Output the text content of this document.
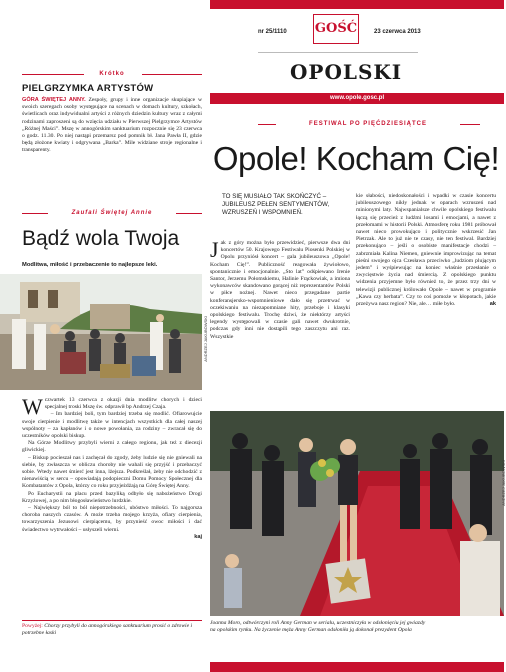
nr 25/1110 GOŚĆ	23 czerwca 2013
OPOLSKI
www.opole.gosc.pl
Krótko
PIELGRZYMKA ARTYSTÓW
GÓRA ŚWIĘTEJ ANNY. Zespoły, grupy i inne organizacje skupiające w swoich szeregach osoby występujące na scenach w domach kultury, szkołach, świetlicach oraz indywidualni artyści z różnych dziedzin kultury wraz z całymi rodzinami zaproszeni są do wzięcia udziału w Pierwszej Pielgrzymce Artystów „Różnej Maści”. Mszę w annogórskim sanktuarium rozpocznie się 23 czerwca o godz. 11.30. Po niej nastąpi przemarsz pod pomnik bł. Jana Pawła II, gdzie będą złożone kwiaty i odgrywana „Barka”. Mile widziane stroje regionalne i transparenty.
Zaufali Świętej Annie
Bądź wola Twoja
Modlitwa, miłość i przebaczenie to najlepsze leki.
ANDRZEJ JAKUBOWSKI

W czwartek 13 czerwca z okazji dnia modlitw chorych i dzieci specjalnej troski Mszę św. odprawił bp Andrzej Czaja.

– Im bardziej boli, tym bardziej trzeba się modlić. Ofiarowujcie swoje cierpienie i modlitwę także w intencjach wszystkich dla całej naszej wspólnoty – za kapłanów i o nowe powołania, za rodziny – zwracał się do uczestników opolski biskup.

Na Górze Modlitwy przybyli wierni z całego regionu, jak też z diecezji gliwickiej.

– Biskup pocieszał nas i zachęcał do zgody, żeby ludzie się nie gniewali na siebie, by zwłaszcza w obliczu choroby nie wahali się przyjść i przebaczyć sobie. Wtedy nawet śmierć jest inna, lżejsza. Podkreślał, żeby nie odchodzić z nienawiścią w sercu – opowiadają podopieczni Domu Pomocy Społecznej dla Kombatantów z Opola, którzy co roku przyjeżdżają na Górę Świętej Anny.

Po Eucharystii na placu przed bazyliką odbyło się nabożeństwo Drogi Krzyżowej, a po nim błogosławieństwo lurdzkie.

– Największy ból to ból niepotrzebności, ubóstwo miłości. To najgorsza choroba naszych czasów. A może trzeba mojego krzyża, ofiary cierpienia, towarzyszenia Jezusowi cierpiącemu, by przynieść owoc miłości i dać świadectwo wytrwałości – usłyszeli wierni.

kaj

Powyżej: Chorzy przybyli do annogórskiego sanktuarium prosić o zdrowie i potrzebne łaski
FESTIWAL PO PIĘĆDZIESIĄTCE
Opole! Kocham Cię!
TO SIĘ MUSIAŁO TAK SKOŃCZYĆ – JUBILEUSZ PEŁEN SENTYMENTÓW, WZRUSZEŃ I WSPOMNIEŃ.
Jak z góry można było przewidzieć, pierwsze dwa dni koncertów 50. Krajowego Festiwalu Piosenki Polskiej w Opolu przyniósł koncert – gala jubileuszowa „Opole! Kocham Cię!”. Publiczność reagowała żywiołowo, spontanicznie i emocjonalnie. „Sto lat” odśpiewano Irenie Santor, Jerzemu Połomskiemu, Halinie Frąckowiak, a imiona wykonawców skandowano gorącej niż reprezentantów Polski w piłce nożnej. Nawet nieco przegadane partie konferansjersko-wspomnieniowe dało się przetrwać w oczekiwaniu na niezapomniane hity, przeboje i klasyki opolskiego festiwalu. Trochę dziwi, że niektórzy artyści legendy występowali w czasie gali nawet dwukrotnie, podczas gdy inni nie dostąpili tego zaszczytu ani raz. Wszystkie
kie słabości, niedoskonałości i wpadki w czasie koncertu jubileuszowego nikły jednak w oparach wzruszeń nad minionymi laty. Najwspanialsze chwile opolskiego festiwalu łączą się przecież z ludźmi losami i emocjami, a nawet z przełomami w historii Polski. Atmosferę roku 1981 próbował nawet nieco prowokująco i politycznie wskrzesić Jan Pietrzak. Ale to już nie te czasy, nie ten festiwal. Bardziej przekonująco – jeśli o osobiste manifestacje chodzi – zabrzmiała Kalina Niemen, gniewnie improwizując na temat pieśni swojego ojca Czesława przeciwko „ludziom plującym jedem” i wyśpiewując na koniec właśnie przesłanie o zwycięstwie życia nad śmiercią. Z opolskiego punktu widzenia przyjemne było również to, że przez trzy dni w telewizji publicznej królowało Opole – nawet w programie „Kawa czy herbata”. Czy to coś pomoże w kłopotach, jakie przeżywa nasz region? Nie, ale… miłe było.	ak
ANDRZEJ JAKUBOWSKI
Joanna Moro, odtwórczyni roli Anny German w serialu, uczestniczyła w odsłonięciu jej gwiazdy na opolskim rynku. Na życzenie męża Anny German odsłoniła ją dokonał prezydent Opola
